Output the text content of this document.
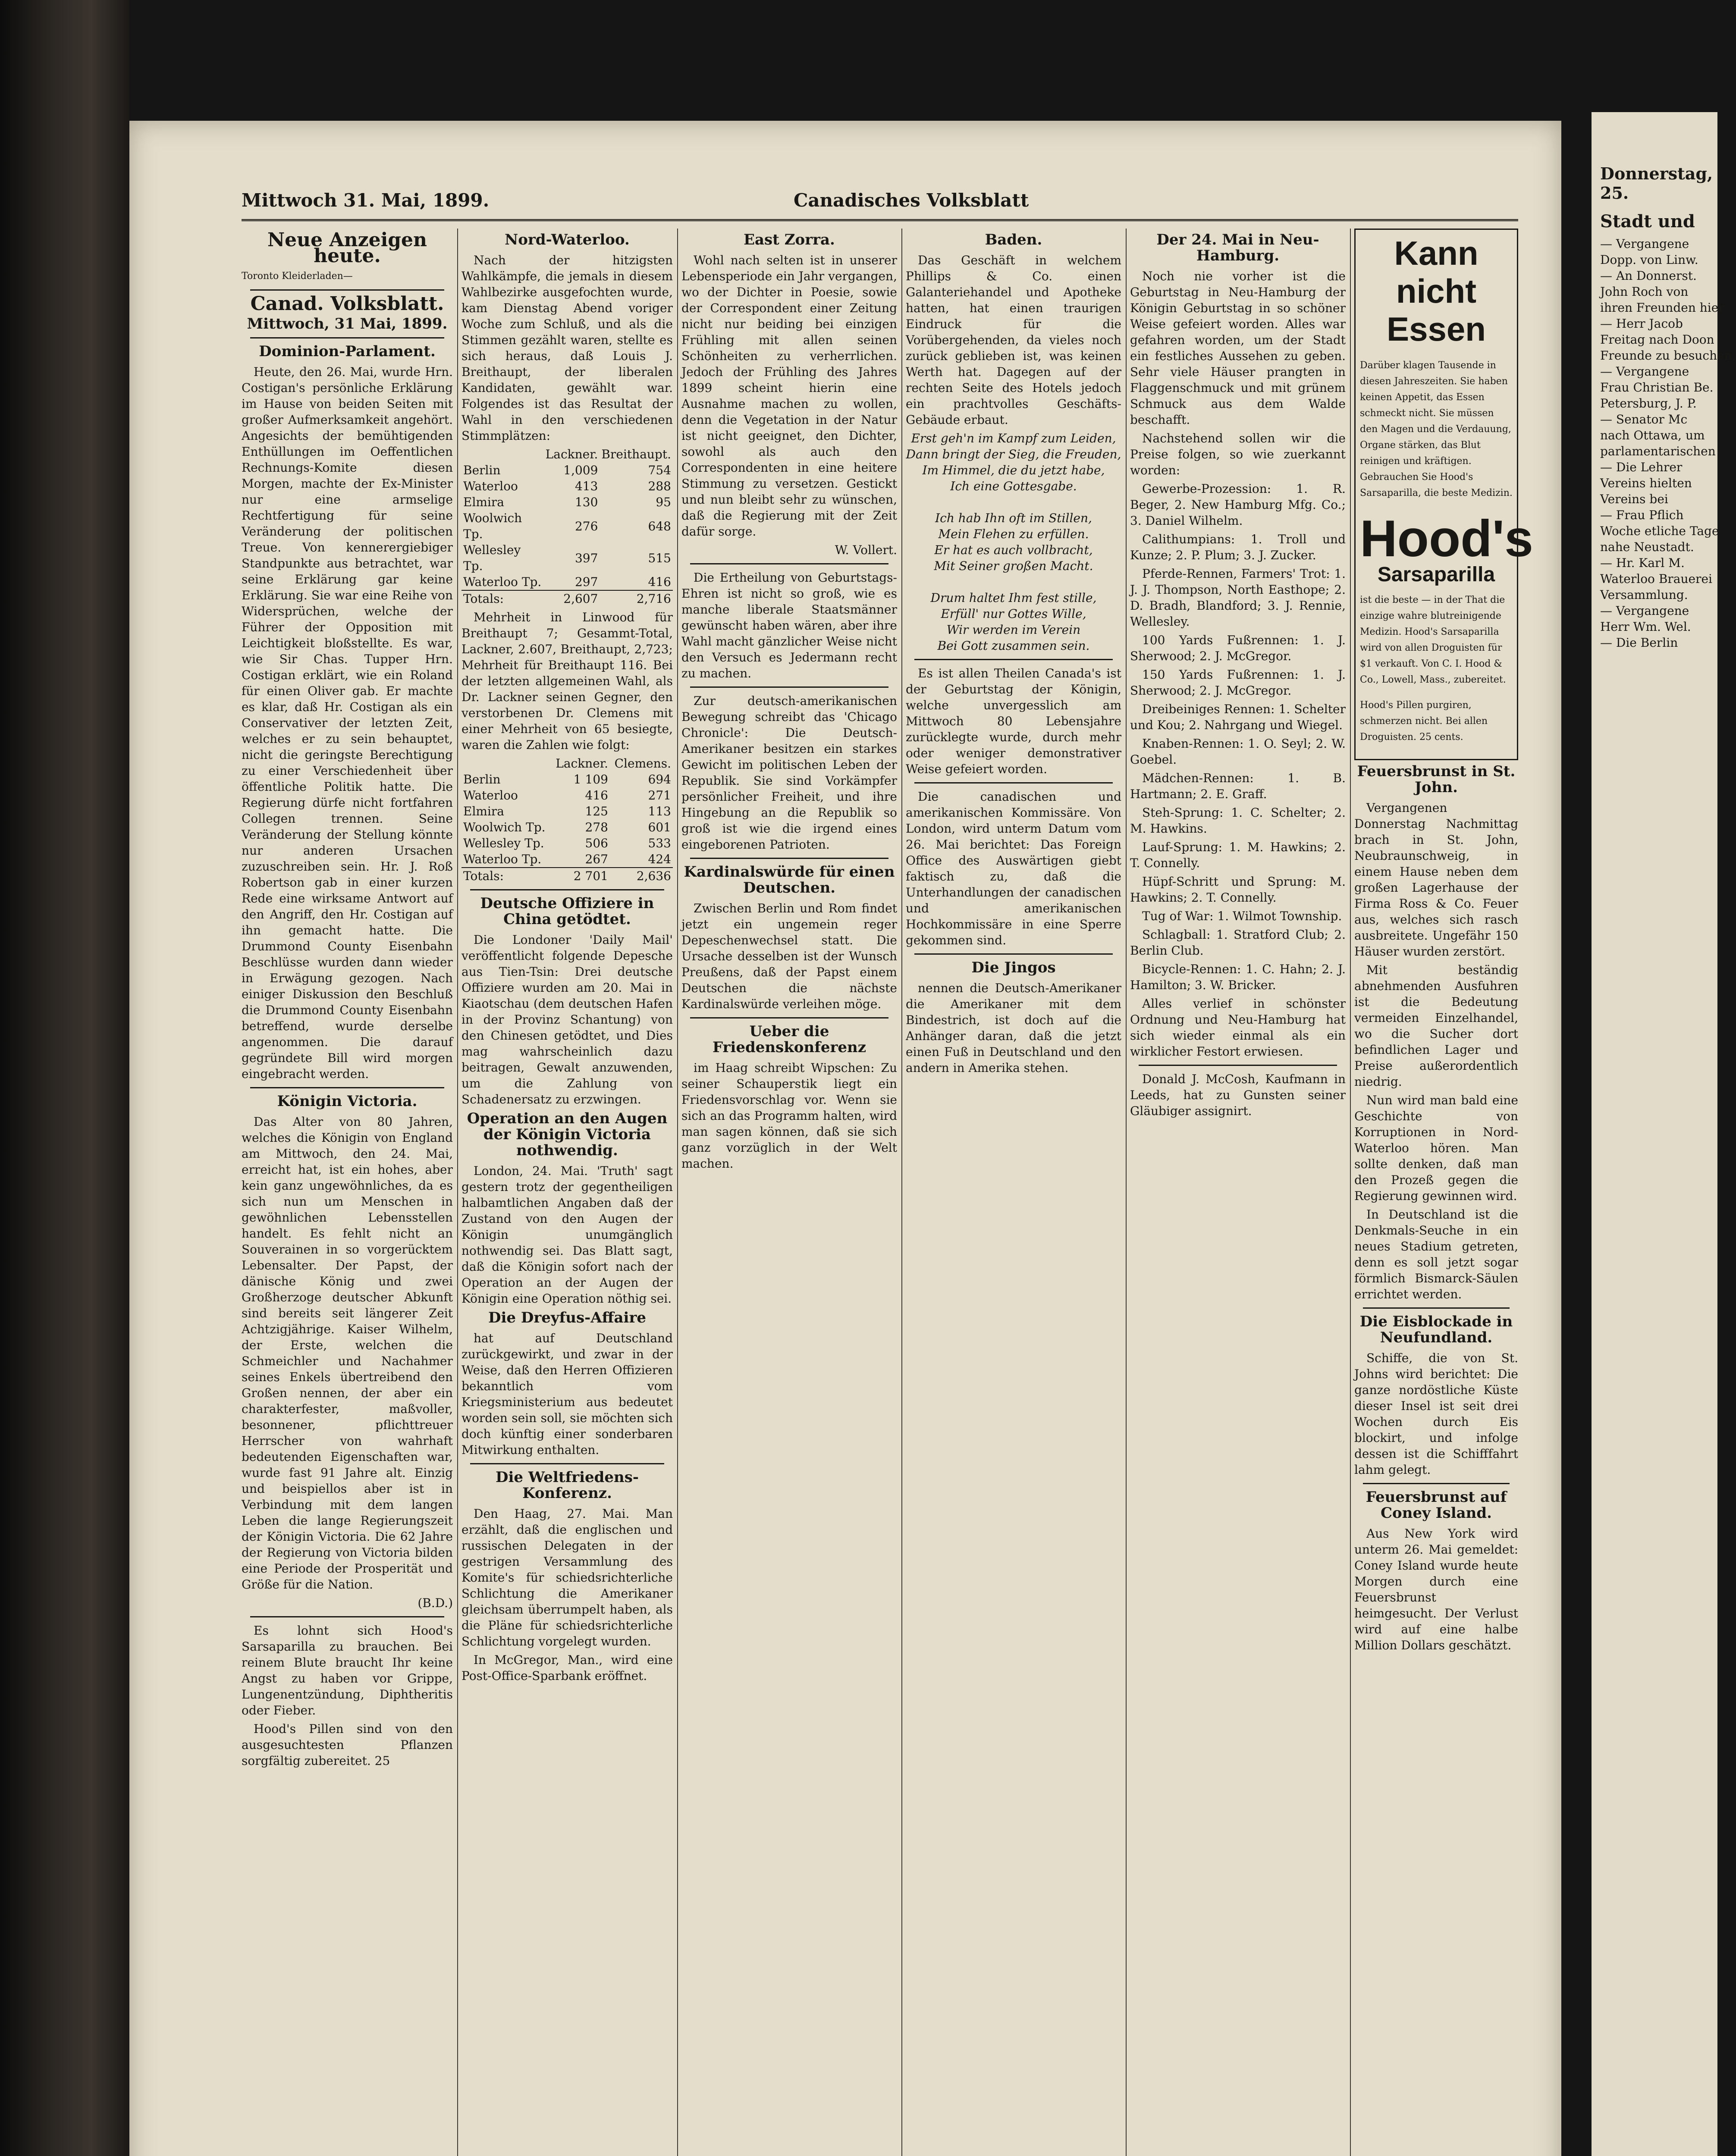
Mittwoch 31. Mai, 1899.	Canadisches Volksblatt
Neue Anzeigen heute.
Toronto Kleiderladen—
Canad. Volksblatt.
Mittwoch, 31 Mai, 1899.
Dominion-Parlament.

Heute, den 26. Mai, wurde Hrn. Costigan's persönliche Erklärung im Hause von beiden Seiten mit großer Aufmerksamkeit angehört. Angesichts der bemühtigenden Enthüllungen im Oeffentlichen Rechnungs-Komite diesen Morgen, machte der Ex-Minister nur eine armselige Rechtfertigung für seine Veränderung der politischen Treue. Von kennerergiebiger Standpunkte aus betrachtet, war seine Erklärung gar keine Erklärung. Sie war eine Reihe von Widersprüchen, welche der Führer der Opposition mit Leichtigkeit bloßstellte. Es war, wie Sir Chas. Tupper Hrn. Costigan erklärt, wie ein Roland für einen Oliver gab. Er machte es klar, daß Hr. Costigan als ein Conservativer der letzten Zeit, welches er zu sein behauptet, nicht die geringste Berechtigung zu einer Verschiedenheit über öffentliche Politik hatte. Die Regierung dürfe nicht fortfahren Collegen trennen. Seine Veränderung der Stellung könnte nur anderen Ursachen zuzuschreiben sein. Hr. J. Roß Robertson gab in einer kurzen Rede eine wirksame Antwort auf den Angriff, den Hr. Costigan auf ihn gemacht hatte. Die Drummond County Eisenbahn Beschlüsse wurden dann wieder in Erwägung gezogen. Nach einiger Diskussion den Beschluß die Drummond County Eisenbahn betreffend, wurde derselbe angenommen. Die darauf gegründete Bill wird morgen eingebracht werden.

Königin Victoria.

Das Alter von 80 Jahren, welches die Königin von England am Mittwoch, den 24. Mai, erreicht hat, ist ein hohes, aber kein ganz ungewöhnliches, da es sich nun um Menschen in gewöhnlichen Lebensstellen handelt. Es fehlt nicht an Souverainen in so vorgerücktem Lebensalter. Der Papst, der dänische König und zwei Großherzoge deutscher Abkunft sind bereits seit längerer Zeit Achtzigjährige. Kaiser Wilhelm, der Erste, welchen die Schmeichler und Nachahmer seines Enkels übertreibend den Großen nennen, der aber ein charakterfester, maßvoller, besonnener, pflichttreuer Herrscher von wahrhaft bedeutenden Eigenschaften war, wurde fast 91 Jahre alt. Einzig und beispiellos aber ist in Verbindung mit dem langen Leben die lange Regierungszeit der Königin Victoria. Die 62 Jahre der Regierung von Victoria bilden eine Periode der Prosperität und Größe für die Nation.

(B.D.)

Es lohnt sich Hood's Sarsaparilla zu brauchen. Bei reinem Blute braucht Ihr keine Angst zu haben vor Grippe, Lungenentzündung, Diphtheritis oder Fieber.

Hood's Pillen sind von den ausgesuchtesten Pflanzen sorgfältig zubereitet. 25

Nord-Waterloo.

Nach der hitzigsten Wahlkämpfe, die jemals in diesem Wahlbezirke ausgefochten wurde, kam Dienstag Abend voriger Woche zum Schluß, und als die Stimmen gezählt waren, stellte es sich heraus, daß Louis J. Breithaupt, der liberalen Kandidaten, gewählt war. Folgendes ist das Resultat der Wahl in den verschiedenen Stimmplätzen:

	Lackner.	Breithaupt.
Berlin	1,009	754
Waterloo	413	288
Elmira	130	95
Woolwich Tp.	276	648
Wellesley Tp.	397	515
Waterloo Tp.	297	416
Totals:	2,607	2,716

Mehrheit in Linwood für Breithaupt 7; Gesammt-Total, Lackner, 2.607, Breithaupt, 2,723; Mehrheit für Breithaupt 116. Bei der letzten allgemeinen Wahl, als Dr. Lackner seinen Gegner, den verstorbenen Dr. Clemens mit einer Mehrheit von 65 besiegte, waren die Zahlen wie folgt:

	Lackner.	Clemens.
Berlin	1 109	694
Waterloo	416	271
Elmira	125	113
Woolwich Tp.	278	601
Wellesley Tp.	506	533
Waterloo Tp.	267	424
Totals:	2 701	2,636
Deutsche Offiziere in China getödtet.

Die Londoner 'Daily Mail' veröffentlicht folgende Depesche aus Tien-Tsin: Drei deutsche Offiziere wurden am 20. Mai in Kiaotschau (dem deutschen Hafen in der Provinz Schantung) von den Chinesen getödtet, und Dies mag wahrscheinlich dazu beitragen, Gewalt anzuwenden, um die Zahlung von Schadenersatz zu erzwingen.

Operation an den Augen der Königin Victoria nothwendig.

London, 24. Mai. 'Truth' sagt gestern trotz der gegentheiligen halbamtlichen Angaben daß der Zustand von den Augen der Königin unumgänglich nothwendig sei. Das Blatt sagt, daß die Königin sofort nach der Operation an der Augen der Königin eine Operation nöthig sei.

Die Dreyfus-Affaire

hat auf Deutschland zurückgewirkt, und zwar in der Weise, daß den Herren Offizieren bekanntlich vom Kriegsministerium aus bedeutet worden sein soll, sie möchten sich doch künftig einer sonderbaren Mitwirkung enthalten.

Die Weltfriedens-Konferenz.

Den Haag, 27. Mai. Man erzählt, daß die englischen und russischen Delegaten in der gestrigen Versammlung des Komite's für schiedsrichterliche Schlichtung die Amerikaner gleichsam überrumpelt haben, als die Pläne für schiedsrichterliche Schlichtung vorgelegt wurden.

In McGregor, Man., wird eine Post-Office-Sparbank eröffnet.

East Zorra.

Wohl nach selten ist in unserer Lebensperiode ein Jahr vergangen, wo der Dichter in Poesie, sowie der Correspondent einer Zeitung nicht nur beiding bei einzigen Frühling mit allen seinen Schönheiten zu verherrlichen. Jedoch der Frühling des Jahres 1899 scheint hierin eine Ausnahme machen zu wollen, denn die Vegetation in der Natur ist nicht geeignet, den Dichter, sowohl als auch den Correspondenten in eine heitere Stimmung zu versetzen. Gestickt und nun bleibt sehr zu wünschen, daß die Regierung mit der Zeit dafür sorge.

W. Vollert.

Die Ertheilung von Geburtstags-Ehren ist nicht so groß, wie es manche liberale Staatsmänner gewünscht haben wären, aber ihre Wahl macht gänzlicher Weise nicht den Versuch es Jedermann recht zu machen.

Zur deutsch-amerikanischen Bewegung schreibt das 'Chicago Chronicle': Die Deutsch-Amerikaner besitzen ein starkes Gewicht im politischen Leben der Republik. Sie sind Vorkämpfer persönlicher Freiheit, und ihre Hingebung an die Republik so groß ist wie die irgend eines eingeborenen Patrioten.

Kardinalswürde für einen Deutschen.

Zwischen Berlin und Rom findet jetzt ein ungemein reger Depeschenwechsel statt. Die Ursache desselben ist der Wunsch Preußens, daß der Papst einem Deutschen die nächste Kardinalswürde verleihen möge.

Ueber die Friedenskonferenz

im Haag schreibt Wipschen: Zu seiner Schauperstik liegt ein Friedensvorschlag vor. Wenn sie sich an das Programm halten, wird man sagen können, daß sie sich ganz vorzüglich in der Welt machen.

Baden.

Das Geschäft in welchem Phillips & Co. einen Galanteriehandel und Apotheke hatten, hat einen traurigen Eindruck für die Vorübergehenden, da vieles noch zurück geblieben ist, was keinen Werth hat. Dagegen auf der rechten Seite des Hotels jedoch ein prachtvolles Geschäfts-Gebäude erbaut.

Erst geh'n im Kampf zum Leiden,
Dann bringt der Sieg, die Freuden,
Im Himmel, die du jetzt habe,
Ich eine Gottesgabe.

Ich hab Ihn oft im Stillen,
Mein Flehen zu erfüllen.
Er hat es auch vollbracht,
Mit Seiner großen Macht.

Drum haltet Ihm fest stille,
Erfüll' nur Gottes Wille,
Wir werden im Verein
Bei Gott zusammen sein.

Es ist allen Theilen Canada's ist der Geburtstag der Königin, welche unvergesslich am Mittwoch 80 Lebensjahre zurücklegte wurde, durch mehr oder weniger demonstrativer Weise gefeiert worden.

Die canadischen und amerikanischen Kommissäre. Von London, wird unterm Datum vom 26. Mai berichtet: Das Foreign Office des Auswärtigen giebt faktisch zu, daß die Unterhandlungen der canadischen und amerikanischen Hochkommissäre in eine Sperre gekommen sind.

Die Jingos

nennen die Deutsch-Amerikaner die Amerikaner mit dem Bindestrich, ist doch auf die Anhänger daran, daß die jetzt einen Fuß in Deutschland und den andern in Amerika stehen.

Der 24. Mai in Neu-Hamburg.

Noch nie vorher ist die Geburtstag in Neu-Hamburg der Königin Geburtstag in so schöner Weise gefeiert worden. Alles war gefahren worden, um der Stadt ein festliches Aussehen zu geben. Sehr viele Häuser prangten in Flaggenschmuck und mit grünem Schmuck aus dem Walde beschafft.

Nachstehend sollen wir die Preise folgen, so wie zuerkannt worden:

Gewerbe-Prozession: 1. R. Beger, 2. New Hamburg Mfg. Co.; 3. Daniel Wilhelm.

Calithumpians: 1. Troll und Kunze; 2. P. Plum; 3. J. Zucker.

Pferde-Rennen, Farmers' Trot: 1. J. J. Thompson, North Easthope; 2. D. Bradh, Blandford; 3. J. Rennie, Wellesley.

100 Yards Fußrennen: 1. J. Sherwood; 2. J. McGregor.

150 Yards Fußrennen: 1. J. Sherwood; 2. J. McGregor.

Dreibeiniges Rennen: 1. Schelter und Kou; 2. Nahrgang und Wiegel.

Knaben-Rennen: 1. O. Seyl; 2. W. Goebel.

Mädchen-Rennen: 1. B. Hartmann; 2. E. Graff.

Steh-Sprung: 1. C. Schelter; 2. M. Hawkins.

Lauf-Sprung: 1. M. Hawkins; 2. T. Connelly.

Hüpf-Schritt und Sprung: M. Hawkins; 2. T. Connelly.

Tug of War: 1. Wilmot Township.

Schlagball: 1. Stratford Club; 2. Berlin Club.

Bicycle-Rennen: 1. C. Hahn; 2. J. Hamilton; 3. W. Bricker.

Alles verlief in schönster Ordnung und Neu-Hamburg hat sich wieder einmal als ein wirklicher Festort erwiesen.

Donald J. McCosh, Kaufmann in Leeds, hat zu Gunsten seiner Gläubiger assignirt.

Kann nicht
Essen

Darüber klagen Tausende in diesen Jahreszeiten. Sie haben keinen Appetit, das Essen schmeckt nicht. Sie müssen den Magen und die Verdauung, Organe stärken, das Blut reinigen und kräftigen. Gebrauchen Sie Hood's Sarsaparilla, die beste Medizin.

Hood's
Sarsaparilla

ist die beste — in der That die einzige wahre blutreinigende Medizin. Hood's Sarsaparilla wird von allen Droguisten für $1 verkauft. Von C. I. Hood & Co., Lowell, Mass., zubereitet.

Hood's Pillen purgiren, schmerzen nicht. Bei allen Droguisten. 25 cents.

Feuersbrunst in St. John.

Vergangenen Donnerstag Nachmittag brach in St. John, Neubraunschweig, in einem Hause neben dem großen Lagerhause der Firma Ross & Co. Feuer aus, welches sich rasch ausbreitete. Ungefähr 150 Häuser wurden zerstört.

Mit beständig abnehmenden Ausfuhren ist die Bedeutung vermeiden Einzelhandel, wo die Sucher dort befindlichen Lager und Preise außerordentlich niedrig.

Nun wird man bald eine Geschichte von Korruptionen in Nord-Waterloo hören. Man sollte denken, daß man den Prozeß gegen die Regierung gewinnen wird.

In Deutschland ist die Denkmals-Seuche in ein neues Stadium getreten, denn es soll jetzt sogar förmlich Bismarck-Säulen errichtet werden.

Die Eisblockade in Neufundland.

Schiffe, die von St. Johns wird berichtet: Die ganze nordöstliche Küste dieser Insel ist seit drei Wochen durch Eis blockirt, und infolge dessen ist die Schifffahrt lahm gelegt.

Feuersbrunst auf Coney Island.

Aus New York wird unterm 26. Mai gemeldet: Coney Island wurde heute Morgen durch eine Feuersbrunst heimgesucht. Der Verlust wird auf eine halbe Million Dollars geschätzt.

Donnerstag, 25.
Stadt und
— Vergangene
Dopp. von Linw.
— An Donnerst.
John Roch von
ihren Freunden hier
— Herr Jacob
Freitag nach Doon
Freunde zu besuchen.
— Vergangene
Frau Christian Be.
Petersburg, J. P.
— Senator Mc
nach Ottawa, um
parlamentarischen
— Die Lehrer
Vereins hielten
Vereins bei
— Frau Pflich
Woche etliche Tage
nahe Neustadt.
— Hr. Karl M.
Waterloo Brauerei
Versammlung.
— Vergangene
Herr Wm. Wel.
— Die Berlin
